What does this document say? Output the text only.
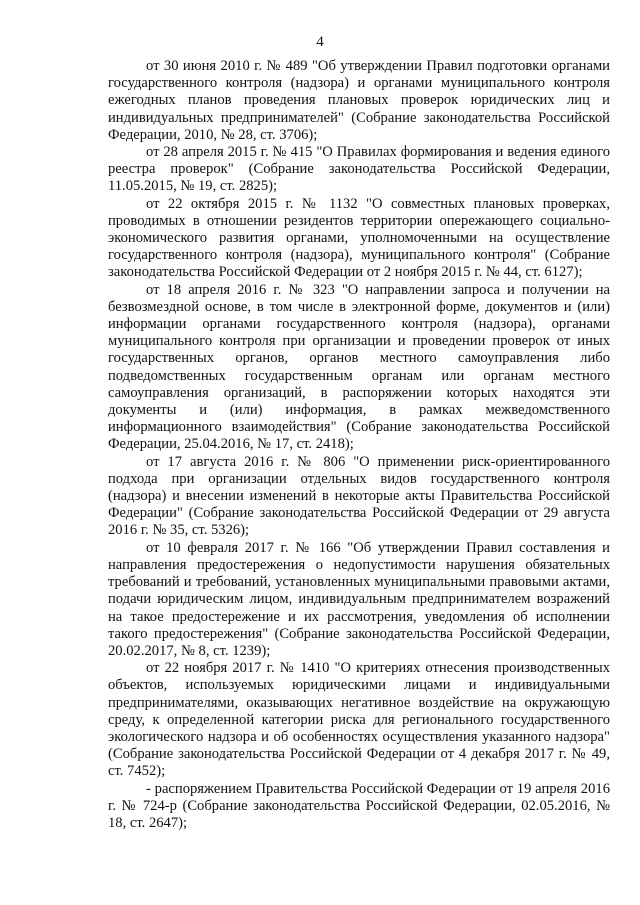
4

от 30 июня 2010 г. № 489 "Об утверждении Правил подготовки органами государственного контроля (надзора) и органами муниципального контроля ежегодных планов проведения плановых проверок юридических лиц и индивидуальных предпринимателей" (Собрание законодательства Российской Федерации, 2010, № 28, ст. 3706);

от 28 апреля 2015 г. № 415 "О Правилах формирования и ведения единого реестра проверок" (Собрание законодательства Российской Федерации, 11.05.2015, № 19, ст. 2825);

от 22 октября 2015 г. № 1132 "О совместных плановых проверках, проводимых в отношении резидентов территории опережающего социально-экономического развития органами, уполномоченными на осуществление государственного контроля (надзора), муниципального контроля" (Собрание законодательства Российской Федерации от 2 ноября 2015 г. № 44, ст. 6127);

от 18 апреля 2016 г. № 323 "О направлении запроса и получении на безвозмездной основе, в том числе в электронной форме, документов и (или) информации органами государственного контроля (надзора), органами муниципального контроля при организации и проведении проверок от иных государственных органов, органов местного самоуправления либо подведомственных государственным органам или органам местного самоуправления организаций, в распоряжении которых находятся эти документы и (или) информация, в рамках межведомственного информационного взаимодействия" (Собрание законодательства Российской Федерации, 25.04.2016, № 17, ст. 2418);

от 17 августа 2016 г. № 806 "О применении риск-ориентированного подхода при организации отдельных видов государственного контроля (надзора) и внесении изменений в некоторые акты Правительства Российской Федерации" (Собрание законодательства Российской Федерации от 29 августа 2016 г. № 35, ст. 5326);

от 10 февраля 2017 г. № 166 "Об утверждении Правил составления и направления предостережения о недопустимости нарушения обязательных требований и требований, установленных муниципальными правовыми актами, подачи юридическим лицом, индивидуальным предпринимателем возражений на такое предостережение и их рассмотрения, уведомления об исполнении такого предостережения" (Собрание законодательства Российской Федерации, 20.02.2017, № 8, ст. 1239);

от 22 ноября 2017 г. № 1410 "О критериях отнесения производственных объектов, используемых юридическими лицами и индивидуальными предпринимателями, оказывающих негативное воздействие на окружающую среду, к определенной категории риска для регионального государственного экологического надзора и об особенностях осуществления указанного надзора" (Собрание законодательства Российской Федерации от 4 декабря 2017 г. № 49, ст. 7452);

- распоряжением Правительства Российской Федерации от 19 апреля 2016 г. № 724-р (Собрание законодательства Российской Федерации, 02.05.2016, № 18, ст. 2647);
